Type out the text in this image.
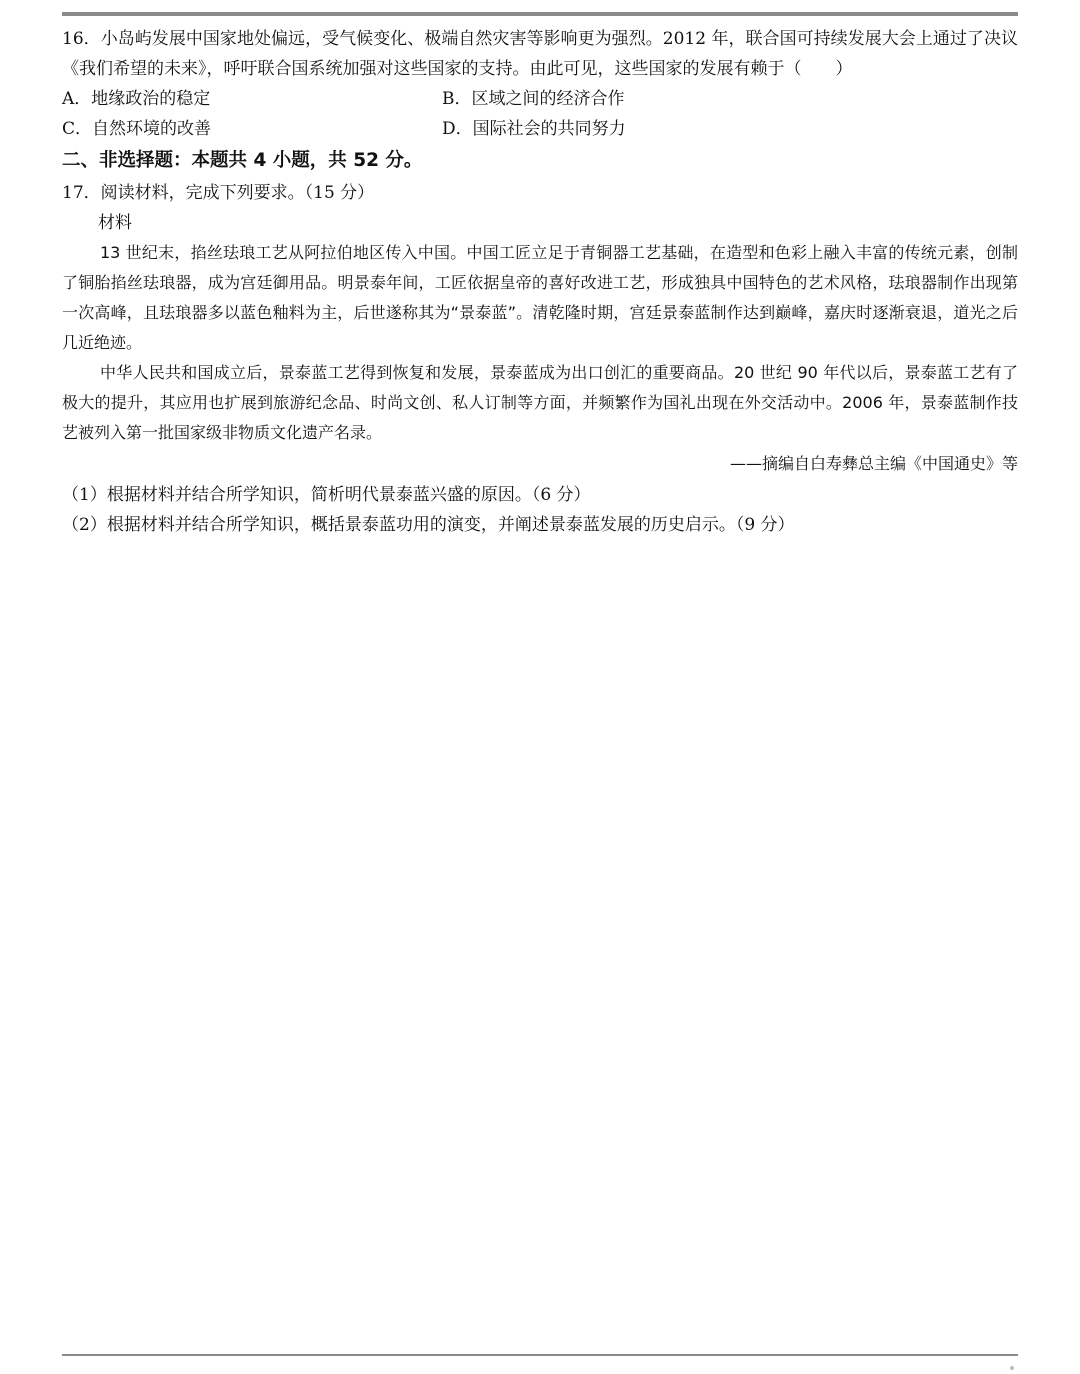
16．小岛屿发展中国家地处偏远，受气候变化、极端自然灾害等影响更为强烈。2012 年，联合国可持续发展大会上通过了决议《我们希望的未来》，呼吁联合国系统加强对这些国家的支持。由此可见，这些国家的发展有赖于（　　）

A．地缘政治的稳定	B．区域之间的经济合作
C．自然环境的改善	D．国际社会的共同努力

二、非选择题：本题共 4 小题，共 52 分。

17．阅读材料，完成下列要求。（15 分）

材料

13 世纪末，掐丝珐琅工艺从阿拉伯地区传入中国。中国工匠立足于青铜器工艺基础，在造型和色彩上融入丰富的传统元素，创制了铜胎掐丝珐琅器，成为宫廷御用品。明景泰年间，工匠依据皇帝的喜好改进工艺，形成独具中国特色的艺术风格，珐琅器制作出现第一次高峰，且珐琅器多以蓝色釉料为主，后世遂称其为“景泰蓝”。清乾隆时期，宫廷景泰蓝制作达到巅峰，嘉庆时逐渐衰退，道光之后几近绝迹。

中华人民共和国成立后，景泰蓝工艺得到恢复和发展，景泰蓝成为出口创汇的重要商品。20 世纪 90 年代以后，景泰蓝工艺有了极大的提升，其应用也扩展到旅游纪念品、时尚文创、私人订制等方面，并频繁作为国礼出现在外交活动中。2006 年，景泰蓝制作技艺被列入第一批国家级非物质文化遗产名录。

——摘编自白寿彝总主编《中国通史》等

（1）根据材料并结合所学知识，简析明代景泰蓝兴盛的原因。（6 分）

（2）根据材料并结合所学知识，概括景泰蓝功用的演变，并阐述景泰蓝发展的历史启示。（9 分）
